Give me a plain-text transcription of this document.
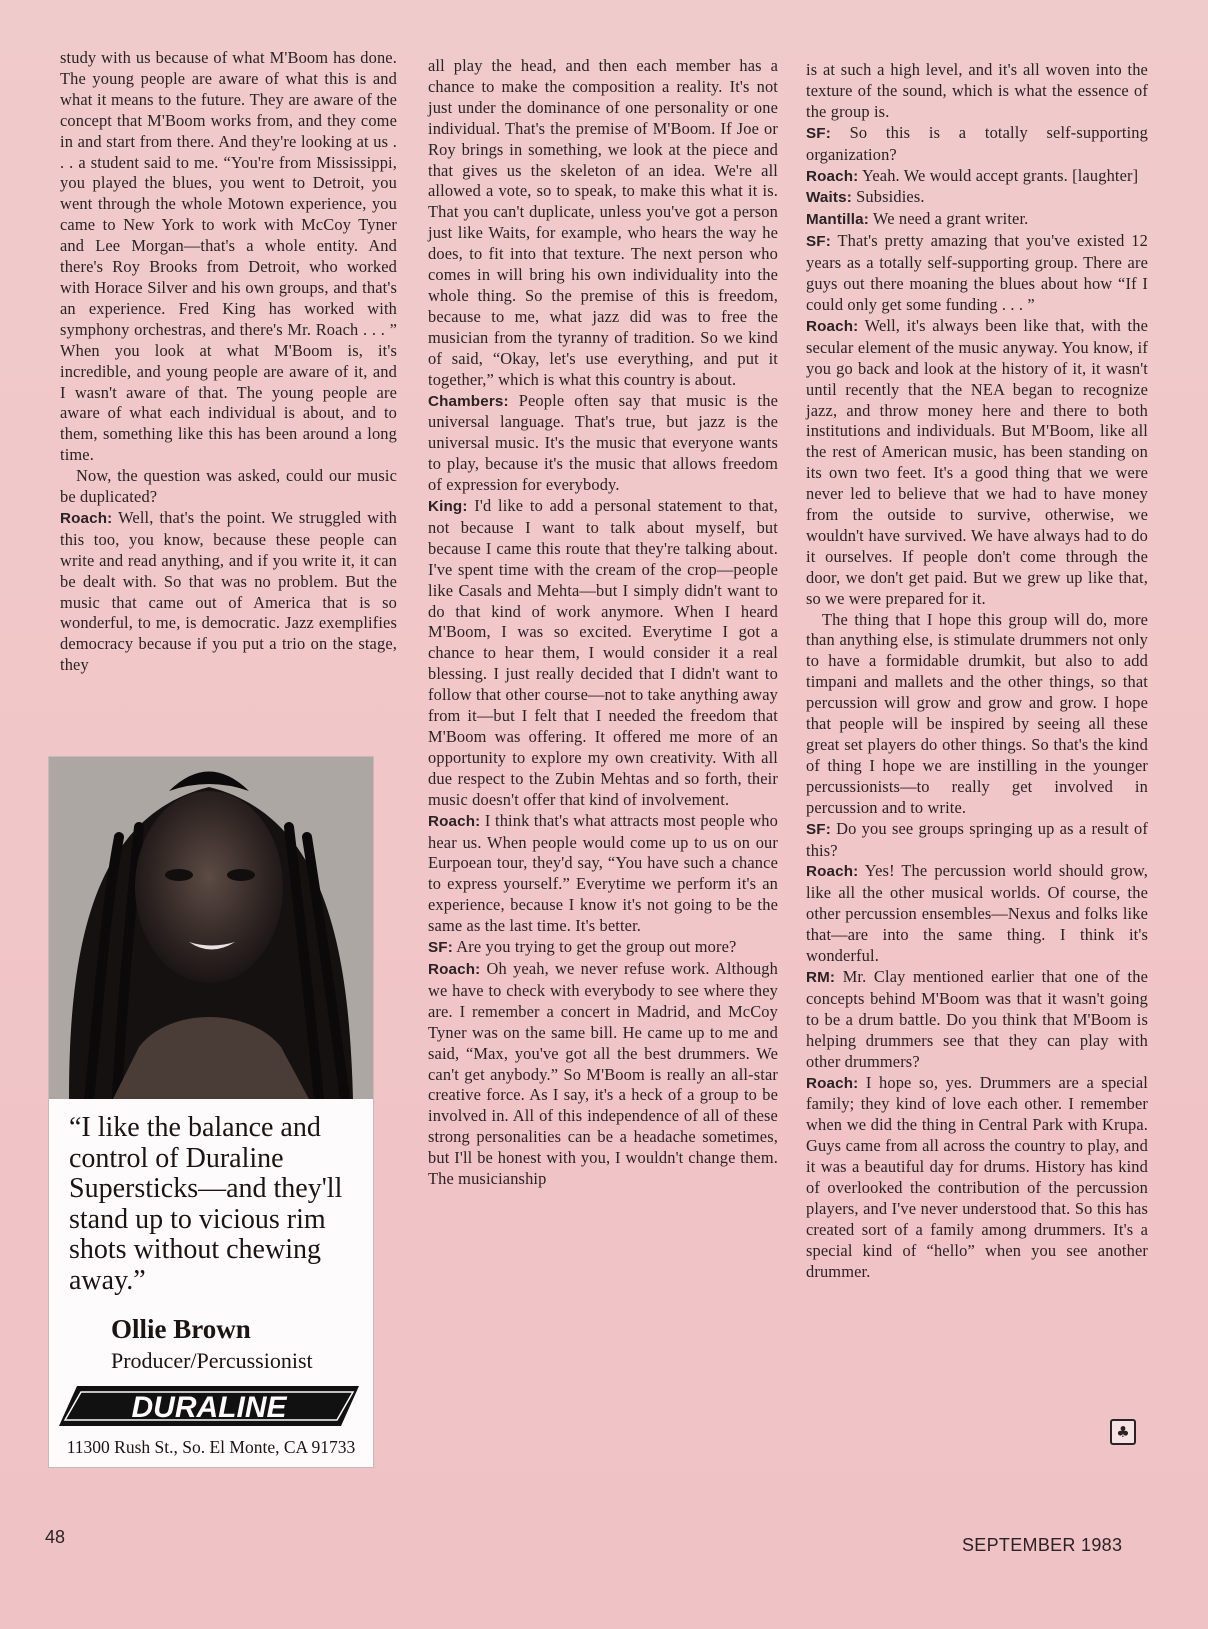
study with us because of what M'Boom has done. The young people are aware of what this is and what it means to the future. They are aware of the concept that M'Boom works from, and they come in and start from there. And they're looking at us . . . a student said to me. “You're from Mississippi, you played the blues, you went to Detroit, you went through the whole Motown experience, you came to New York to work with McCoy Tyner and Lee Morgan—that's a whole entity. And there's Roy Brooks from Detroit, who worked with Horace Silver and his own groups, and that's an experience. Fred King has worked with symphony orchestras, and there's Mr. Roach . . . ” When you look at what M'Boom is, it's incredible, and young people are aware of it, and I wasn't aware of that. The young people are aware of what each individual is about, and to them, something like this has been around a long time.

Now, the question was asked, could our music be duplicated?

Roach: Well, that's the point. We struggled with this too, you know, because these people can write and read anything, and if you write it, it can be dealt with. So that was no problem. But the music that came out of America that is so wonderful, to me, is democratic. Jazz exemplifies democracy because if you put a trio on the stage, they

all play the head, and then each member has a chance to make the composition a reality. It's not just under the dominance of one personality or one individual. That's the premise of M'Boom. If Joe or Roy brings in something, we look at the piece and that gives us the skeleton of an idea. We're all allowed a vote, so to speak, to make this what it is. That you can't duplicate, unless you've got a person just like Waits, for example, who hears the way he does, to fit into that texture. The next person who comes in will bring his own individuality into the whole thing. So the premise of this is freedom, because to me, what jazz did was to free the musician from the tyranny of tradition. So we kind of said, “Okay, let's use everything, and put it together,” which is what this country is about.

Chambers: People often say that music is the universal language. That's true, but jazz is the universal music. It's the music that everyone wants to play, because it's the music that allows freedom of expression for everybody.

King: I'd like to add a personal statement to that, not because I want to talk about myself, but because I came this route that they're talking about. I've spent time with the cream of the crop—people like Casals and Mehta—but I simply didn't want to do that kind of work anymore. When I heard M'Boom, I was so excited. Everytime I got a chance to hear them, I would consider it a real blessing. I just really decided that I didn't want to follow that other course—not to take anything away from it—but I felt that I needed the freedom that M'Boom was offering. It offered me more of an opportunity to explore my own creativity. With all due respect to the Zubin Mehtas and so forth, their music doesn't offer that kind of involvement.

Roach: I think that's what attracts most people who hear us. When people would come up to us on our Eurpoean tour, they'd say, “You have such a chance to express yourself.” Everytime we perform it's an experience, because I know it's not going to be the same as the last time. It's better.

SF: Are you trying to get the group out more?

Roach: Oh yeah, we never refuse work. Although we have to check with everybody to see where they are. I remember a concert in Madrid, and McCoy Tyner was on the same bill. He came up to me and said, “Max, you've got all the best drummers. We can't get anybody.” So M'Boom is really an all-star creative force. As I say, it's a heck of a group to be involved in. All of this independence of all of these strong personalities can be a headache sometimes, but I'll be honest with you, I wouldn't change them. The musicianship

is at such a high level, and it's all woven into the texture of the sound, which is what the essence of the group is.

SF: So this is a totally self-supporting organization?

Roach: Yeah. We would accept grants. [laughter]

Waits: Subsidies.

Mantilla: We need a grant writer.

SF: That's pretty amazing that you've existed 12 years as a totally self-supporting group. There are guys out there moaning the blues about how “If I could only get some funding . . . ”

Roach: Well, it's always been like that, with the secular element of the music anyway. You know, if you go back and look at the history of it, it wasn't until recently that the NEA began to recognize jazz, and throw money here and there to both institutions and individuals. But M'Boom, like all the rest of American music, has been standing on its own two feet. It's a good thing that we were never led to believe that we had to have money from the outside to survive, otherwise, we wouldn't have survived. We have always had to do it ourselves. If people don't come through the door, we don't get paid. But we grew up like that, so we were prepared for it.

The thing that I hope this group will do, more than anything else, is stimulate drummers not only to have a formidable drumkit, but also to add timpani and mallets and the other things, so that percussion will grow and grow and grow. I hope that people will be inspired by seeing all these great set players do other things. So that's the kind of thing I hope we are instilling in the younger percussionists—to really get involved in percussion and to write.

SF: Do you see groups springing up as a result of this?

Roach: Yes! The percussion world should grow, like all the other musical worlds. Of course, the other percussion ensembles—Nexus and folks like that—are into the same thing. I think it's wonderful.

RM: Mr. Clay mentioned earlier that one of the concepts behind M'Boom was that it wasn't going to be a drum battle. Do you think that M'Boom is helping drummers see that they can play with other drummers?

Roach: I hope so, yes. Drummers are a special family; they kind of love each other. I remember when we did the thing in Central Park with Krupa. Guys came from all across the country to play, and it was a beautiful day for drums. History has kind of overlooked the contribution of the percussion players, and I've never understood that. So this has created sort of a family among drummers. It's a special kind of “hello” when you see another drummer.

♣
“I like the balance and control of Duraline Supersticks—and they'll stand up to vicious rim shots without chewing away.”
Ollie Brown
Producer/Percussionist
DURALINE
11300 Rush St., So. El Monte, CA 91733
48	SEPTEMBER 1983
